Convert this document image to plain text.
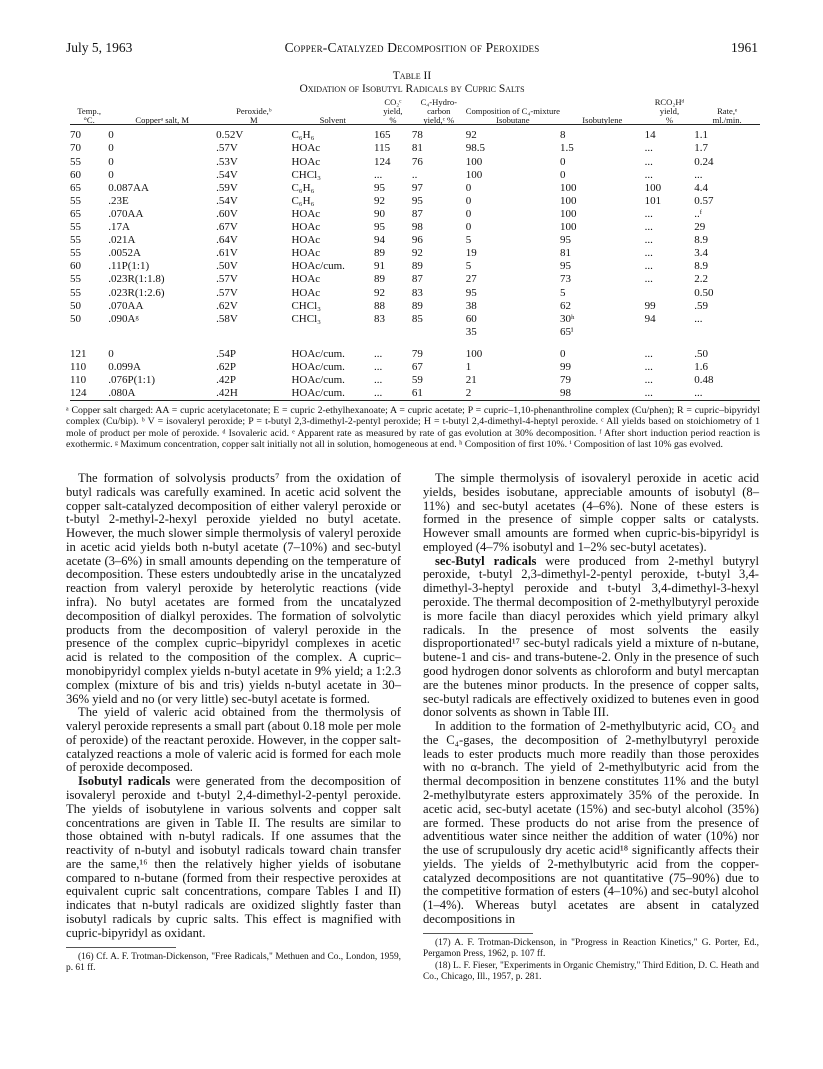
July 5, 1963	Copper-Catalyzed Decomposition of Peroxides	1961
Table II
Oxidation of Isobutyl Radicals by Cupric Salts
				CO₂ᶜ	C₄-Hydro-			RCO₂Hᵈ	
Temp.,		Peroxide,ᵇ		yield,	carbon	Composition of C₄-mixture		yield,	Rate,ᵉ
°C.	Copperᵃ salt, M	M	Solvent	%	yield,ᶜ %	Isobutane	Isobutylene	%	ml./min.

70	0	0.52V	C₆H₆	165	78	92	8	14	1.1
70	0	.57V	HOAc	115	81	98.5	1.5	...	1.7
55	0	.53V	HOAc	124	76	100	0	...	0.24
60	0	.54V	CHCl₃	...	..	100	0	...	...
65	0.087AA	.59V	C₆H₆	95	97	0	100	100	4.4
55	.23E	.54V	C₆H₆	92	95	0	100	101	0.57
65	.070AA	.60V	HOAc	90	87	0	100	...	..ᶠ
55	.17A	.67V	HOAc	95	98	0	100	...	29
55	.021A	.64V	HOAc	94	96	5	95	...	8.9
55	.0052A	.61V	HOAc	89	92	19	81	...	3.4
60	.11P(1:1)	.50V	HOAc/cum.	91	89	5	95	...	8.9
55	.023R(1:1.8)	.57V	HOAc	89	87	27	73	...	2.2
55	.023R(1:2.6)	.57V	HOAc	92	83	95	5		0.50
50	.070AA	.62V	CHCl₃	88	89	38	62	99	.59
50	.090Aᵍ	.58V	CHCl₃	83	85	60	30ʰ	94	...
						35	65ⁱ		

121	0	.54P	HOAc/cum.	...	79	100	0	...	.50
110	0.099A	.62P	HOAc/cum.	...	67	1	99	...	1.6
110	.076P(1:1)	.42P	HOAc/cum.	...	59	21	79	...	0.48
124	.080A	.42H	HOAc/cum.	...	61	2	98	...	...

ᵃ Copper salt charged: AA = cupric acetylacetonate; E = cupric 2-ethylhexanoate; A = cupric acetate; P = cupric–1,10-phenanthroline complex (Cu/phen); R = cupric–bipyridyl complex (Cu/bip). ᵇ V = isovaleryl peroxide; P = t-butyl 2,3-dimethyl-2-pentyl peroxide; H = t-butyl 2,4-dimethyl-4-heptyl peroxide. ᶜ All yields based on stoichiometry of 1 mole of product per mole of peroxide. ᵈ Isovaleric acid. ᵉ Apparent rate as measured by rate of gas evolution at 30% decomposition. ᶠ After short induction period reaction is exothermic. ᵍ Maximum concentration, copper salt initially not all in solution, homogeneous at end. ʰ Composition of first 10%. ⁱ Composition of last 10% gas evolved.

The formation of solvolysis products⁷ from the oxidation of butyl radicals was carefully examined. In acetic acid solvent the copper salt-catalyzed decomposition of either valeryl peroxide or t-butyl 2-methyl-2-hexyl peroxide yielded no butyl acetate. However, the much slower simple thermolysis of valeryl peroxide in acetic acid yields both n-butyl acetate (7–10%) and sec-butyl acetate (3–6%) in small amounts depending on the temperature of decomposition. These esters undoubtedly arise in the uncatalyzed reaction from valeryl peroxide by heterolytic reactions (vide infra). No butyl acetates are formed from the uncatalyzed decomposition of dialkyl peroxides. The formation of solvolytic products from the decomposition of valeryl peroxide in the presence of the complex cupric–bipyridyl complexes in acetic acid is related to the composition of the complex. A cupric–monobipyridyl complex yields n-butyl acetate in 9% yield; a 1:2.3 complex (mixture of bis and tris) yields n-butyl acetate in 30–36% yield and no (or very little) sec-butyl acetate is formed.

The yield of valeric acid obtained from the thermolysis of valeryl peroxide represents a small part (about 0.18 mole per mole of peroxide) of the reactant peroxide. However, in the copper salt-catalyzed reactions a mole of valeric acid is formed for each mole of peroxide decomposed.

Isobutyl radicals were generated from the decomposition of isovaleryl peroxide and t-butyl 2,4-dimethyl-2-pentyl peroxide. The yields of isobutylene in various solvents and copper salt concentrations are given in Table II. The results are similar to those obtained with n-butyl radicals. If one assumes that the reactivity of n-butyl and isobutyl radicals toward chain transfer are the same,¹⁶ then the relatively higher yields of isobutane compared to n-butane (formed from their respective peroxides at equivalent cupric salt concentrations, compare Tables I and II) indicates that n-butyl radicals are oxidized slightly faster than isobutyl radicals by cupric salts. This effect is magnified with cupric-bipyridyl as oxidant.

(16) Cf. A. F. Trotman-Dickenson, "Free Radicals," Methuen and Co., London, 1959, p. 61 ff.

The simple thermolysis of isovaleryl peroxide in acetic acid yields, besides isobutane, appreciable amounts of isobutyl (8–11%) and sec-butyl acetates (4–6%). None of these esters is formed in the presence of simple copper salts or catalysts. However small amounts are formed when cupric-bis-bipyridyl is employed (4–7% isobutyl and 1–2% sec-butyl acetates).

sec-Butyl radicals were produced from 2-methyl butyryl peroxide, t-butyl 2,3-dimethyl-2-pentyl peroxide, t-butyl 3,4-dimethyl-3-heptyl peroxide and t-butyl 3,4-dimethyl-3-hexyl peroxide. The thermal decomposition of 2-methylbutyryl peroxide is more facile than diacyl peroxides which yield primary alkyl radicals. In the presence of most solvents the easily disproportionated¹⁷ sec-butyl radicals yield a mixture of n-butane, butene-1 and cis- and trans-butene-2. Only in the presence of such good hydrogen donor solvents as chloroform and butyl mercaptan are the butenes minor products. In the presence of copper salts, sec-butyl radicals are effectively oxidized to butenes even in good donor solvents as shown in Table III.

In addition to the formation of 2-methylbutyric acid, CO₂ and the C₄-gases, the decomposition of 2-methylbutyryl peroxide leads to ester products much more readily than those peroxides with no α-branch. The yield of 2-methylbutyric acid from the thermal decomposition in benzene constitutes 11% and the butyl 2-methylbutyrate esters approximately 35% of the peroxide. In acetic acid, sec-butyl acetate (15%) and sec-butyl alcohol (35%) are formed. These products do not arise from the presence of adventitious water since neither the addition of water (10%) nor the use of scrupulously dry acetic acid¹⁸ significantly affects their yields. The yields of 2-methylbutyric acid from the copper-catalyzed decompositions are not quantitative (75–90%) due to the competitive formation of esters (4–10%) and sec-butyl alcohol (1–4%). Whereas butyl acetates are absent in catalyzed decompositions in

(17) A. F. Trotman-Dickenson, in "Progress in Reaction Kinetics," G. Porter, Ed., Pergamon Press, 1962, p. 107 ff.

(18) L. F. Fieser, "Experiments in Organic Chemistry," Third Edition, D. C. Heath and Co., Chicago, Ill., 1957, p. 281.
